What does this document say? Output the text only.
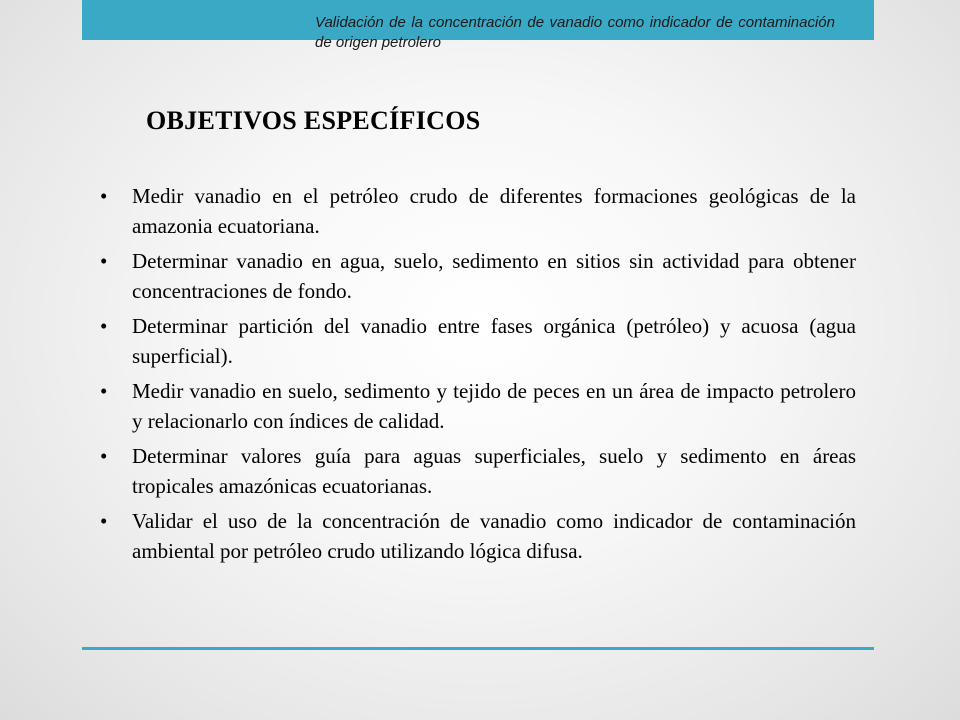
Validación de la concentración de vanadio como indicador de contaminación de origen petrolero

OBJETIVOS ESPECÍFICOS
• Medir vanadio en el petróleo crudo de diferentes formaciones geológicas de la amazonia ecuatoriana.
• Determinar vanadio en agua, suelo, sedimento en sitios sin actividad para obtener concentraciones de fondo.
• Determinar partición del vanadio entre fases orgánica (petróleo) y acuosa (agua superficial).
• Medir vanadio en suelo, sedimento y tejido de peces en un área de impacto petrolero y relacionarlo con índices de calidad.
• Determinar valores guía para aguas superficiales, suelo y sedimento en áreas tropicales amazónicas ecuatorianas.
• Validar el uso de la concentración de vanadio como indicador de contaminación ambiental por petróleo crudo utilizando lógica difusa.
